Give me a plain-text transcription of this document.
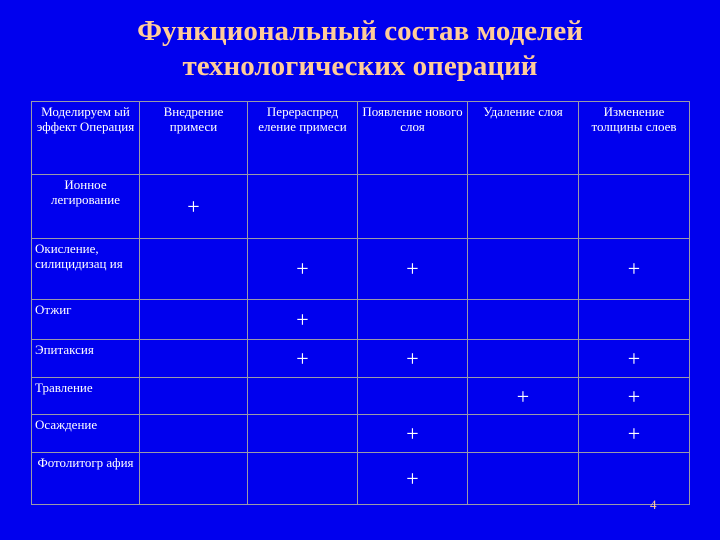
Функциональный состав моделей
технологических операций
Моделируем ый эффект Операция	Внедрение примеси	Перераспред еление примеси	Появление нового слоя	Удаление слоя	Изменение толщины слоев
Ионное легирование	+				
Окисление, силицидизац ия		+	+		+
Отжиг		+			
Эпитаксия		+	+		+
Травление				+	+
Осаждение			+		+
Фотолитогр афия			+		
4
